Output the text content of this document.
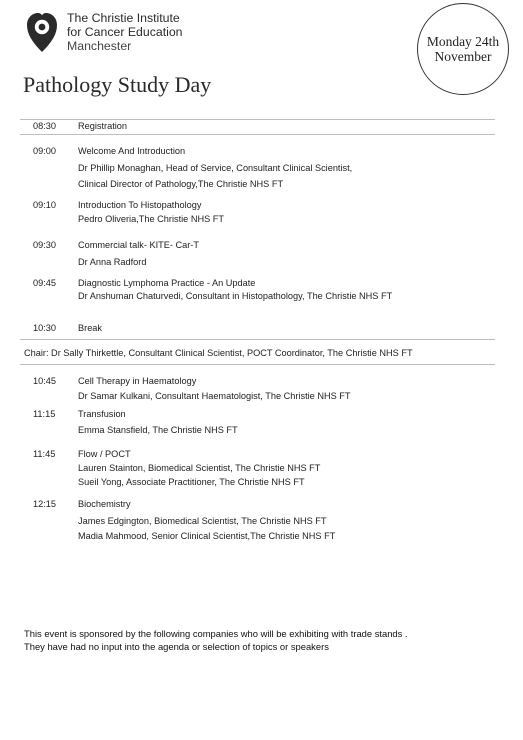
The Christie Institute
for Cancer Education
Manchester	Monday 24th
November
Pathology Study Day
08:30 Registration
09:00 Welcome And Introduction
Dr Phillip Monaghan, Head of Service, Consultant Clinical Scientist,
Clinical Director of Pathology,The Christie NHS FT
09:10 Introduction To Histopathology
Pedro Oliveria,The Christie NHS FT
09:30 Commercial talk- KITE- Car-T
Dr Anna Radford
09:45 Diagnostic Lymphoma Practice - An Update
Dr Anshuman Chaturvedi, Consultant in Histopathology, The Christie NHS FT
10:30 Break
Chair: Dr Sally Thirkettle, Consultant Clinical Scientist, POCT Coordinator, The Christie NHS FT
10:45 Cell Therapy in Haematology
Dr Samar Kulkani, Consultant Haematologist, The Christie NHS FT
11:15 Transfusion
Emma Stansfield, The Christie NHS FT
11:45 Flow / POCT
Lauren Stainton, Biomedical Scientist, The Christie NHS FT
Sueil Yong, Associate Practitioner, The Christie NHS FT
12:15 Biochemistry
James Edgington, Biomedical Scientist, The Christie NHS FT
Madia Mahmood, Senior Clinical Scientist,The Christie NHS FT
This event is sponsored by the following companies who will be exhibiting with trade stands .
They have had no input into the agenda or selection of topics or speakers
